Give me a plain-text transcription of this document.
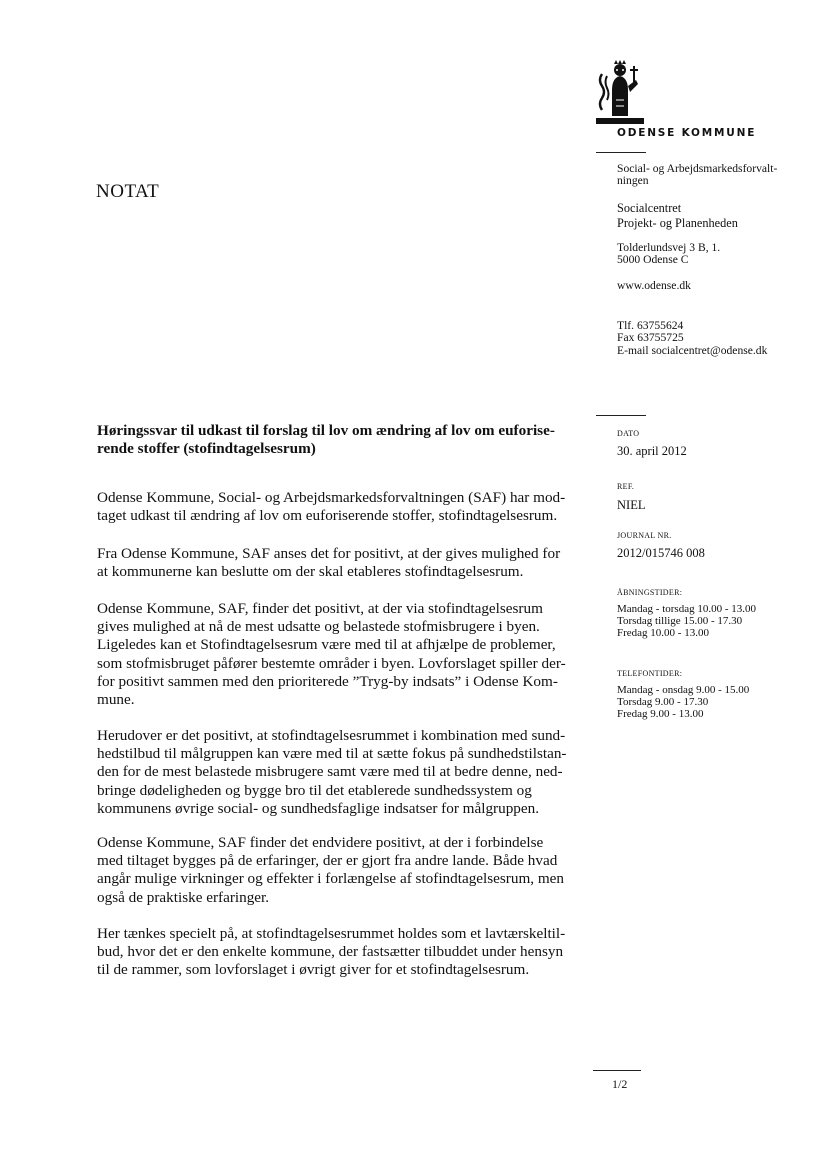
ODENSE KOMMUNE
Social- og Arbejdsmarkedsforvalt-
ningen
Socialcentret
Projekt- og Planenheden
Tolderlundsvej 3 B, 1.
5000 Odense C
www.odense.dk
Tlf. 63755624
Fax 63755725
E-mail socialcentret@odense.dk
NOTAT
DATO
30. april 2012
REF.
NIEL
JOURNAL NR.
2012/015746 008
ÅBNINGSTIDER:
Mandag - torsdag 10.00 - 13.00
Torsdag tillige 15.00 - 17.30
Fredag 10.00 - 13.00
TELEFONTIDER:
Mandag - onsdag 9.00 - 15.00
Torsdag 9.00 - 17.30
Fredag 9.00 - 13.00
Høringssvar til udkast til forslag til lov om ændring af lov om euforise-
rende stoffer (stofindtagelsesrum)
Odense Kommune, Social- og Arbejdsmarkedsforvaltningen (SAF) har mod-
taget udkast til ændring af lov om euforiserende stoffer, stofindtagelsesrum.
Fra Odense Kommune, SAF anses det for positivt, at der gives mulighed for
at kommunerne kan beslutte om der skal etableres stofindtagelsesrum.
Odense Kommune, SAF, finder det positivt, at der via stofindtagelsesrum
gives mulighed at nå de mest udsatte og belastede stofmisbrugere i byen.
Ligeledes kan et Stofindtagelsesrum være med til at afhjælpe de problemer,
som stofmisbruget påfører bestemte områder i byen. Lovforslaget spiller der-
for positivt sammen med den prioriterede ”Tryg-by indsats” i Odense Kom-
mune.
Herudover er det positivt, at stofindtagelsesrummet i kombination med sund-
hedstilbud til målgruppen kan være med til at sætte fokus på sundhedstilstan-
den for de mest belastede misbrugere samt være med til at bedre denne, ned-
bringe dødeligheden og bygge bro til det etablerede sundhedssystem og
kommunens øvrige social- og sundhedsfaglige indsatser for målgruppen.
Odense Kommune, SAF finder det endvidere positivt, at der i forbindelse
med tiltaget bygges på de erfaringer, der er gjort fra andre lande. Både hvad
angår mulige virkninger og effekter i forlængelse af stofindtagelsesrum, men
også de praktiske erfaringer.
Her tænkes specielt på, at stofindtagelsesrummet holdes som et lavtærskeltil-
bud, hvor det er den enkelte kommune, der fastsætter tilbuddet under hensyn
til de rammer, som lovforslaget i øvrigt giver for et stofindtagelsesrum.
1/2
